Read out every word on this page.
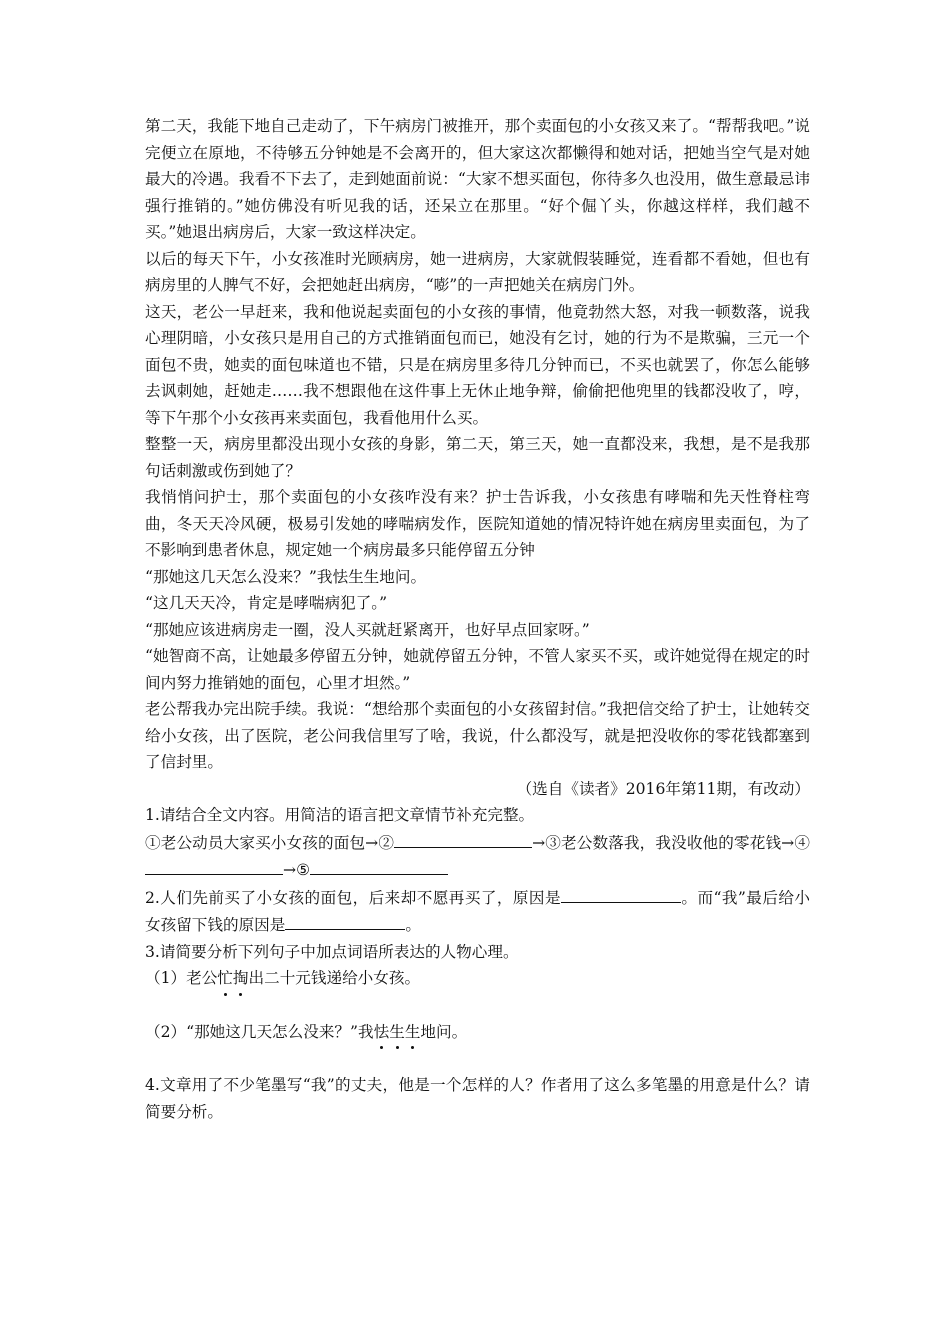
第二天，我能下地自己走动了，下午病房门被推开，那个卖面包的小女孩又来了。“帮帮我吧。”说完便立在原地，不待够五分钟她是不会离开的，但大家这次都懒得和她对话，把她当空气是对她最大的冷遇。我看不下去了，走到她面前说：“大家不想买面包，你待多久也没用，做生意最忌讳强行推销的。”她仿佛没有听见我的话，还呆立在那里。“好个倔丫头，你越这样样，我们越不买。”她退出病房后，大家一致这样决定。

以后的每天下午，小女孩准时光顾病房，她一进病房，大家就假装睡觉，连看都不看她，但也有病房里的人脾气不好，会把她赶出病房，“嘭”的一声把她关在病房门外。

这天，老公一早赶来，我和他说起卖面包的小女孩的事情，他竟勃然大怒，对我一顿数落，说我心理阴暗，小女孩只是用自己的方式推销面包而已，她没有乞讨，她的行为不是欺骗，三元一个面包不贵，她卖的面包味道也不错，只是在病房里多待几分钟而已，不买也就罢了，你怎么能够去讽刺她，赶她走……我不想跟他在这件事上无休止地争辩，偷偷把他兜里的钱都没收了，哼，等下午那个小女孩再来卖面包，我看他用什么买。

整整一天，病房里都没出现小女孩的身影，第二天，第三天，她一直都没来，我想，是不是我那句话刺激或伤到她了？

我悄悄问护士，那个卖面包的小女孩咋没有来？护士告诉我，小女孩患有哮喘和先天性脊柱弯曲，冬天天冷风硬，极易引发她的哮喘病发作，医院知道她的情况特许她在病房里卖面包，为了不影响到患者休息，规定她一个病房最多只能停留五分钟

“那她这几天怎么没来？”我怯生生地问。

“这几天天冷，肯定是哮喘病犯了。”

“那她应该进病房走一圈，没人买就赶紧离开，也好早点回家呀。”

“她智商不高，让她最多停留五分钟，她就停留五分钟，不管人家买不买，或许她觉得在规定的时间内努力推销她的面包，心里才坦然。”

老公帮我办完出院手续。我说：“想给那个卖面包的小女孩留封信。”我把信交给了护士，让她转交给小女孩，出了医院，老公问我信里写了啥，我说，什么都没写，就是把没收你的零花钱都塞到了信封里。

（选自《读者》2016年第11期，有改动）

1.请结合全文内容。用简洁的语言把文章情节补充完整。

①老公动员大家买小女孩的面包→②	→③老公数落我，我没收他的零花钱→④→⑤

2.人们先前买了小女孩的面包，后来却不愿再买了，原因是	。而“我”最后给小女孩留下钱的原因是	。

3.请简要分析下列句子中加点词语所表达的人物心理。

（1）老公忙掏出二十元钱递给小女孩。

（2）“那她这几天怎么没来？”我怯生生地问。

4.文章用了不少笔墨写“我”的丈夫，他是一个怎样的人？作者用了这么多笔墨的用意是什么？请简要分析。
